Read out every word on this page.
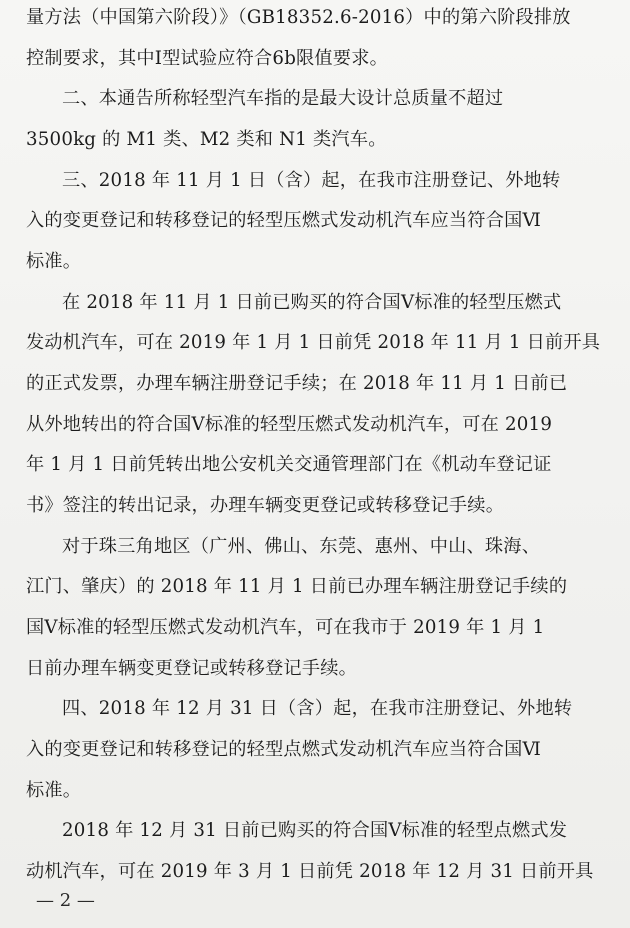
量方法（中国第六阶段）》（GB18352.6-2016）中的第六阶段排放
控制要求，其中Ⅰ型试验应符合6b限值要求。
二、本通告所称轻型汽车指的是最大设计总质量不超过
3500kg 的 M1 类、M2 类和 N1 类汽车。
三、2018 年 11 月 1 日（含）起，在我市注册登记、外地转
入的变更登记和转移登记的轻型压燃式发动机汽车应当符合国Ⅵ
标准。
在 2018 年 11 月 1 日前已购买的符合国Ⅴ标准的轻型压燃式
发动机汽车，可在 2019 年 1 月 1 日前凭 2018 年 11 月 1 日前开具
的正式发票，办理车辆注册登记手续；在 2018 年 11 月 1 日前已
从外地转出的符合国Ⅴ标准的轻型压燃式发动机汽车，可在 2019
年 1 月 1 日前凭转出地公安机关交通管理部门在《机动车登记证
书》签注的转出记录，办理车辆变更登记或转移登记手续。
对于珠三角地区（广州、佛山、东莞、惠州、中山、珠海、
江门、肇庆）的 2018 年 11 月 1 日前已办理车辆注册登记手续的
国Ⅴ标准的轻型压燃式发动机汽车，可在我市于 2019 年 1 月 1
日前办理车辆变更登记或转移登记手续。
四、2018 年 12 月 31 日（含）起，在我市注册登记、外地转
入的变更登记和转移登记的轻型点燃式发动机汽车应当符合国Ⅵ
标准。
2018 年 12 月 31 日前已购买的符合国Ⅴ标准的轻型点燃式发
动机汽车，可在 2019 年 3 月 1 日前凭 2018 年 12 月 31 日前开具
— 2 —
